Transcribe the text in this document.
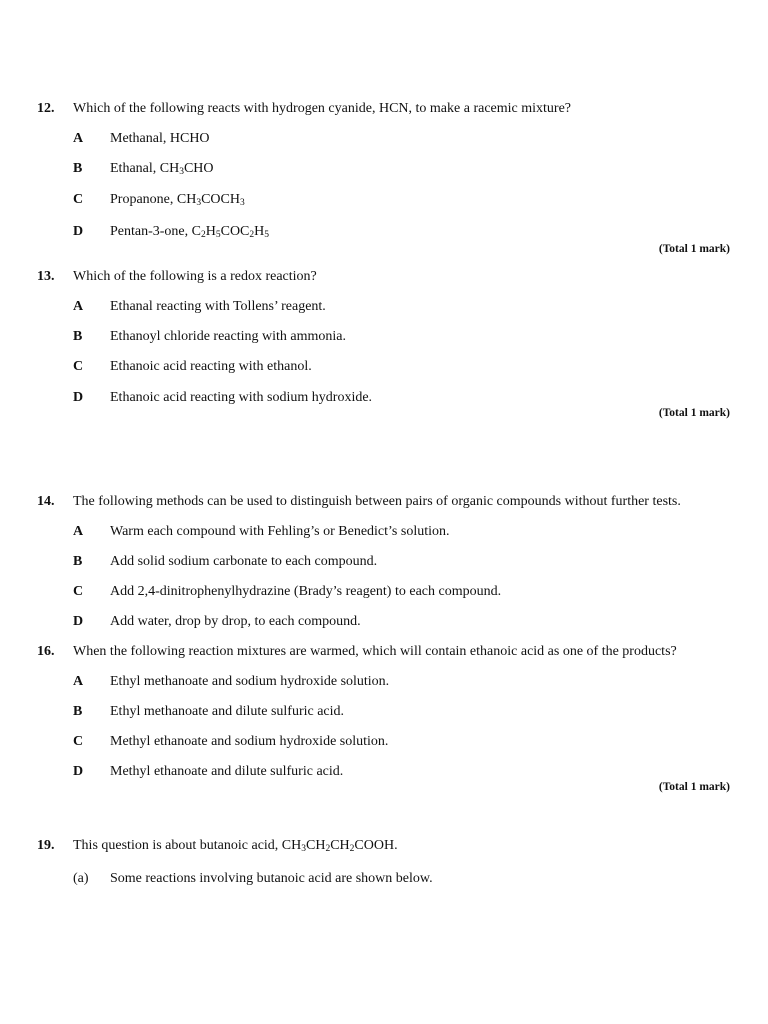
12. Which of the following reacts with hydrogen cyanide, HCN, to make a racemic mixture?
A Methanal, HCHO
B Ethanal, $CH_3CHO$
C Propanone, $CH_3COCH_3$
D Pentan-3-one, $C_2H_5COC_2H_5$
(Total 1 mark)
13. Which of the following is a redox reaction?
A Ethanal reacting with Tollens’ reagent.
B Ethanoyl chloride reacting with ammonia.
C Ethanoic acid reacting with ethanol.
D Ethanoic acid reacting with sodium hydroxide.
(Total 1 mark)
14. The following methods can be used to distinguish between pairs of organic compounds without further tests.
A Warm each compound with Fehling’s or Benedict’s solution.
B Add solid sodium carbonate to each compound.
C Add 2,4-dinitrophenylhydrazine (Brady’s reagent) to each compound.
D Add water, drop by drop, to each compound.
16. When the following reaction mixtures are warmed, which will contain ethanoic acid as one of the products?
A Ethyl methanoate and sodium hydroxide solution.
B Ethyl methanoate and dilute sulfuric acid.
C Methyl ethanoate and sodium hydroxide solution.
D Methyl ethanoate and dilute sulfuric acid.
(Total 1 mark)
19. This question is about butanoic acid, $CH_3CH_2CH_2COOH$.
(a) Some reactions involving butanoic acid are shown below.
